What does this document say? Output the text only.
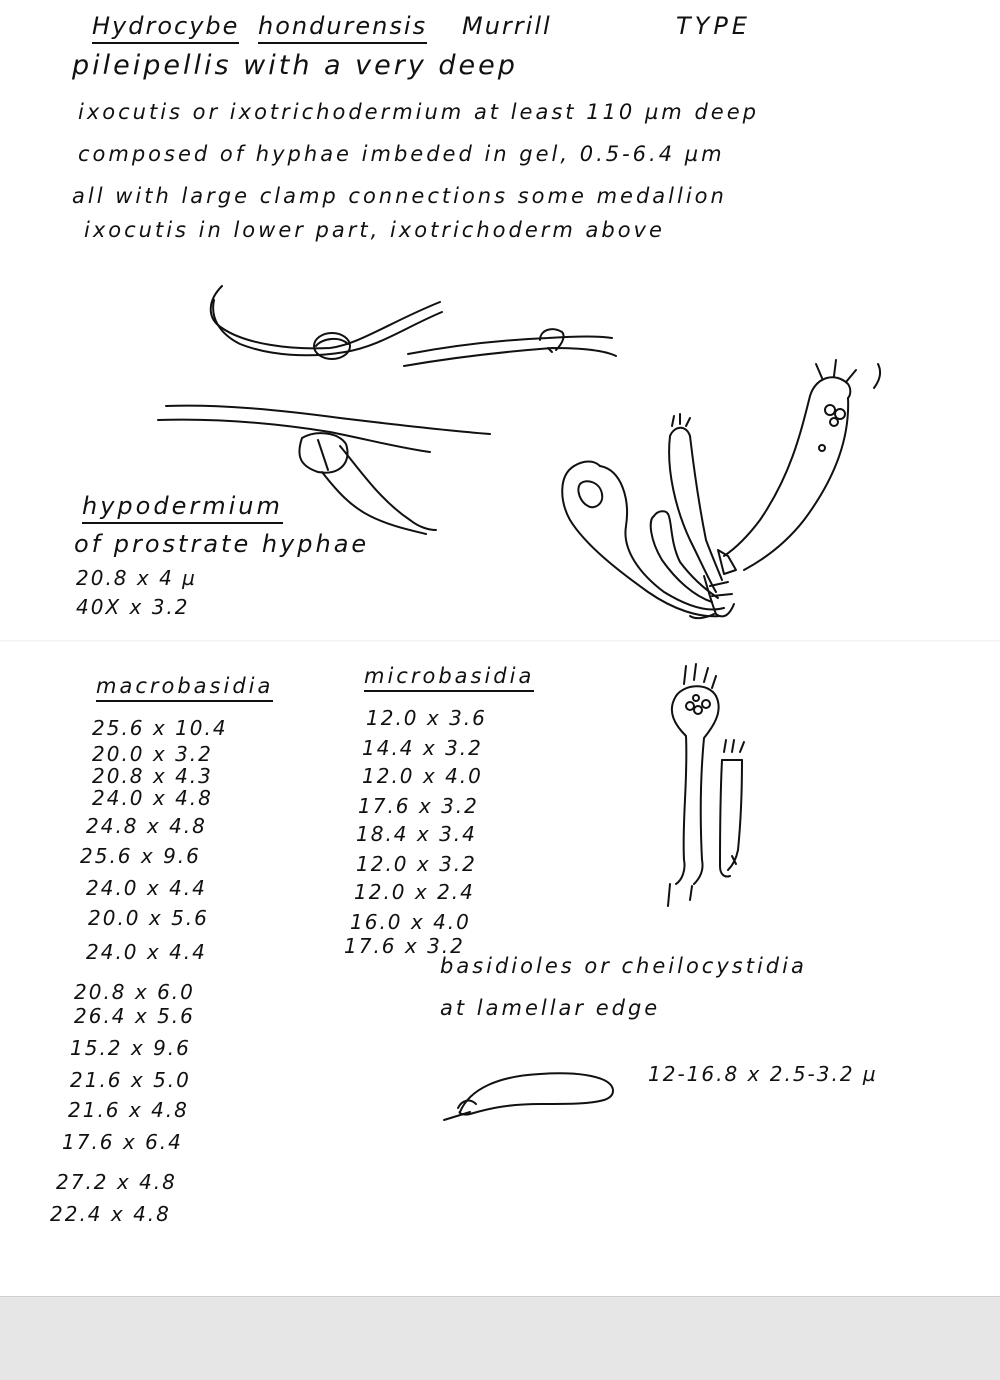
Hydrocybe hondurensis Murrill	TYPE
pileipellis with a very deep
ixocutis or ixotrichodermium at least 110 µm deep
composed of hyphae imbeded in gel, 0.5-6.4 µm
all with large clamp connections some medallion
ixocutis in lower part, ixotrichoderm above
hypodermium
of prostrate hyphae
20.8 x 4 µ
40X x 3.2
macrobasidia
25.6 x 10.4
20.0 x 3.2
20.8 x 4.3
24.0 x 4.8
24.8 x 4.8
25.6 x 9.6
24.0 x 4.4
20.0 x 5.6
24.0 x 4.4
20.8 x 6.0
26.4 x 5.6
15.2 x 9.6
21.6 x 5.0
21.6 x 4.8
17.6 x 6.4
27.2 x 4.8
22.4 x 4.8
microbasidia
12.0 x 3.6
14.4 x 3.2
12.0 x 4.0
17.6 x 3.2
18.4 x 3.4
12.0 x 3.2
12.0 x 2.4
16.0 x 4.0
17.6 x 3.2
basidioles or cheilocystidia
at lamellar edge
12-16.8 x 2.5-3.2 µ
